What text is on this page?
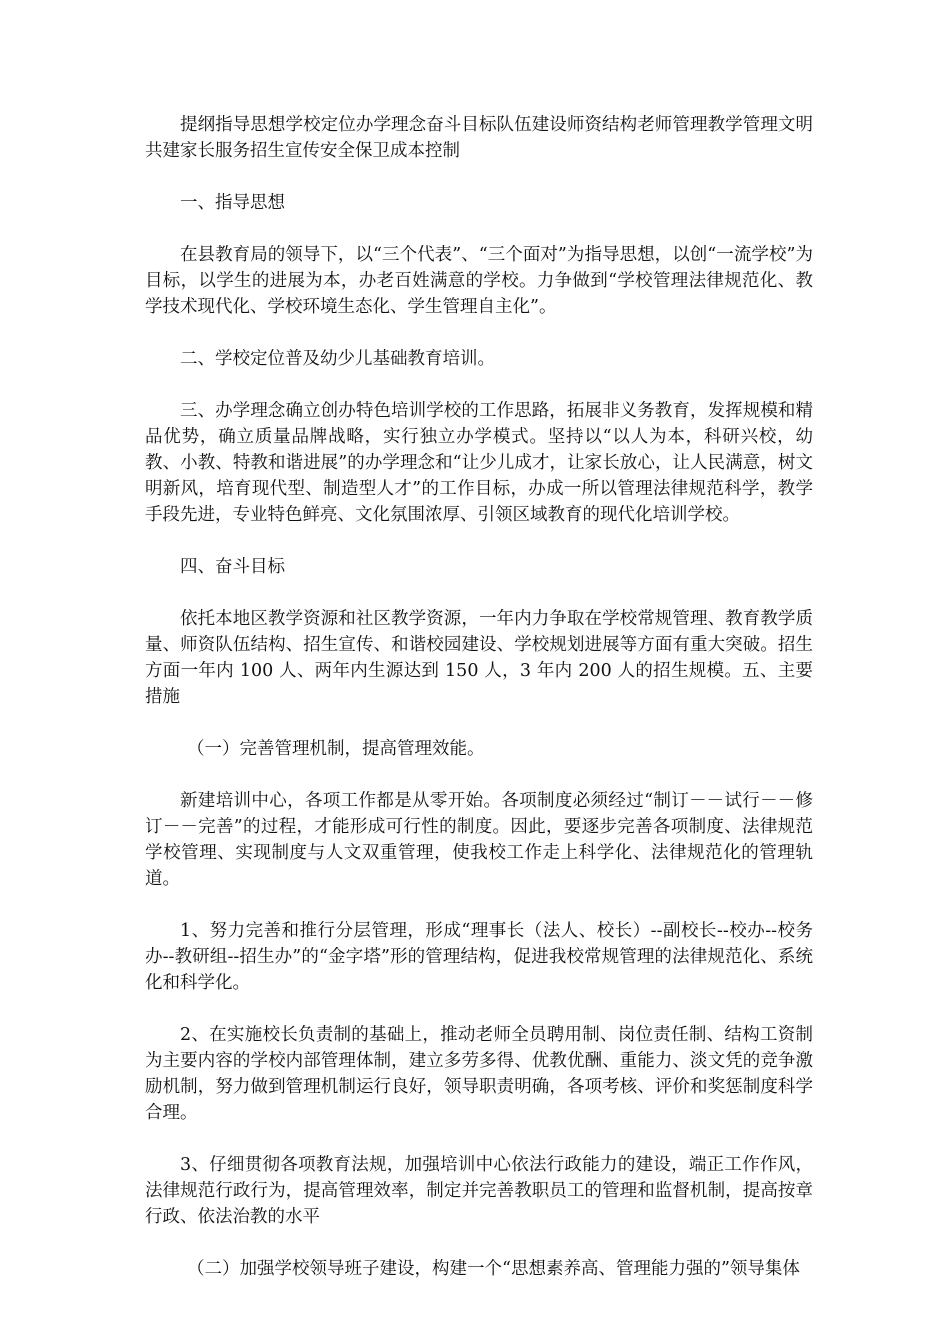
提纲指导思想学校定位办学理念奋斗目标队伍建设师资结构老师管理教学管理文明共建家长服务招生宣传安全保卫成本控制

一、指导思想

在县教育局的领导下，以“三个代表”、“三个面对”为指导思想，以创“一流学校”为目标，以学生的进展为本，办老百姓满意的学校。力争做到“学校管理法律规范化、教学技术现代化、学校环境生态化、学生管理自主化”。

二、学校定位普及幼少儿基础教育培训。

三、办学理念确立创办特色培训学校的工作思路，拓展非义务教育，发挥规模和精品优势，确立质量品牌战略，实行独立办学模式。坚持以“以人为本，科研兴校，幼教、小教、特教和谐进展”的办学理念和“让少儿成才，让家长放心，让人民满意，树文明新风，培育现代型、制造型人才”的工作目标，办成一所以管理法律规范科学，教学手段先进，专业特色鲜亮、文化氛围浓厚、引领区域教育的现代化培训学校。

四、奋斗目标

依托本地区教学资源和社区教学资源，一年内力争取在学校常规管理、教育教学质量、师资队伍结构、招生宣传、和谐校园建设、学校规划进展等方面有重大突破。招生方面一年内 100 人、两年内生源达到 150 人，3 年内 200 人的招生规模。五、主要措施

（一）完善管理机制，提高管理效能。

新建培训中心，各项工作都是从零开始。各项制度必须经过“制订－－试行－－修订－－完善”的过程，才能形成可行性的制度。因此，要逐步完善各项制度、法律规范学校管理、实现制度与人文双重管理，使我校工作走上科学化、法律规范化的管理轨道。

1、努力完善和推行分层管理，形成“理事长（法人、校长）--副校长--校办--校务办--教研组--招生办”的“金字塔”形的管理结构，促进我校常规管理的法律规范化、系统化和科学化。

2、在实施校长负责制的基础上，推动老师全员聘用制、岗位责任制、结构工资制为主要内容的学校内部管理体制，建立多劳多得、优教优酬、重能力、淡文凭的竞争激励机制，努力做到管理机制运行良好，领导职责明确，各项考核、评价和奖惩制度科学合理。

3、仔细贯彻各项教育法规，加强培训中心依法行政能力的建设，端正工作作风，法律规范行政行为，提高管理效率，制定并完善教职员工的管理和监督机制，提高按章行政、依法治教的水平

（二）加强学校领导班子建设，构建一个“思想素养高、管理能力强的”领导集体
